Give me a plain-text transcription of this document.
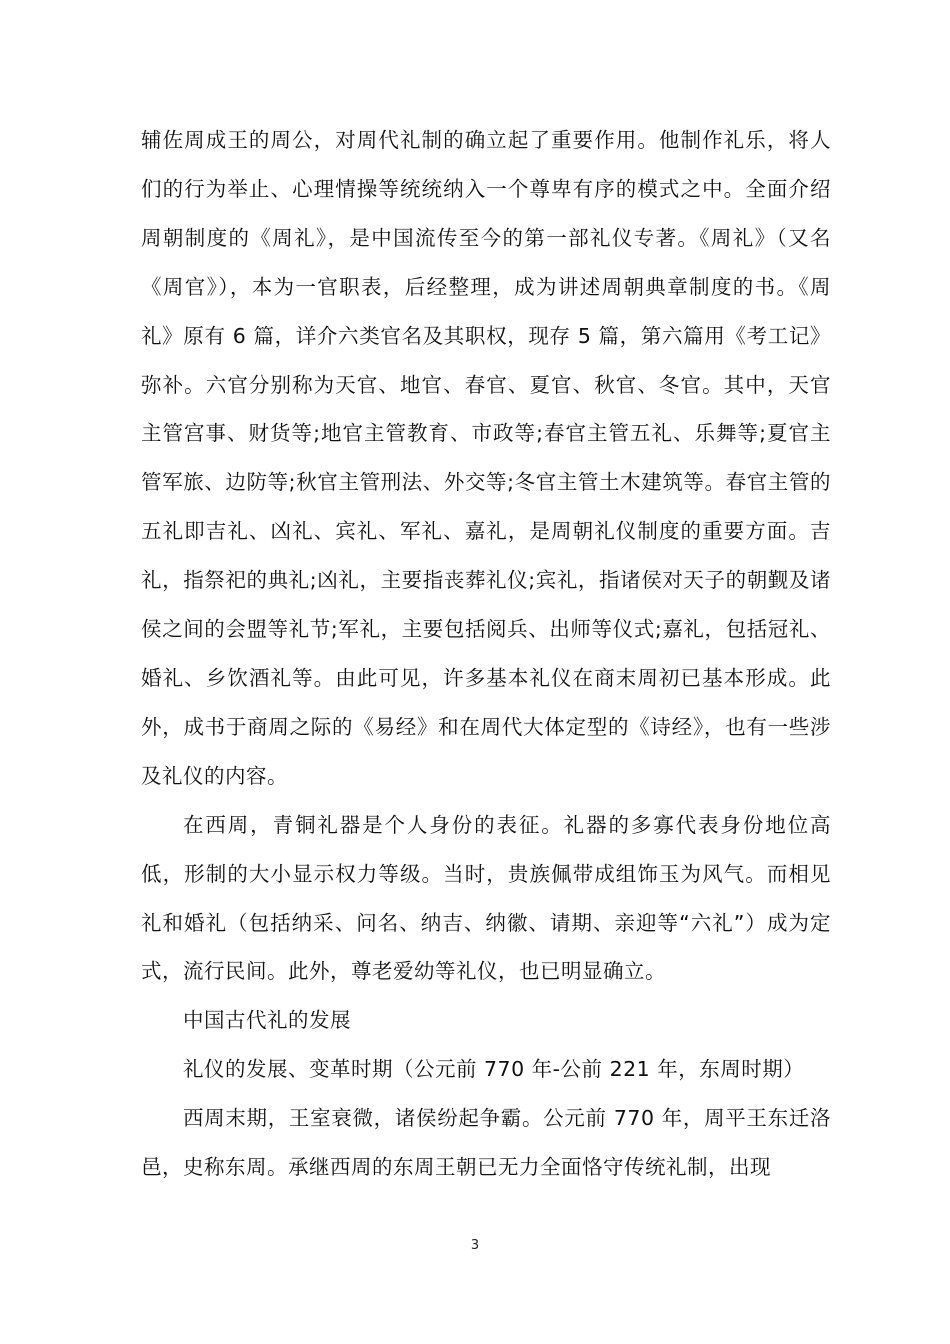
辅佐周成王的周公，对周代礼制的确立起了重要作用。他制作礼乐，将人们的行为举止、心理情操等统统纳入一个尊卑有序的模式之中。全面介绍周朝制度的《周礼》，是中国流传至今的第一部礼仪专著。《周礼》（又名《周官》），本为一官职表，后经整理，成为讲述周朝典章制度的书。《周礼》原有 6 篇，详介六类官名及其职权，现存 5 篇，第六篇用《考工记》弥补。六官分别称为天官、地官、春官、夏官、秋官、冬官。其中，天官主管宫事、财货等;地官主管教育、市政等;春官主管五礼、乐舞等;夏官主管军旅、边防等;秋官主管刑法、外交等;冬官主管土木建筑等。春官主管的五礼即吉礼、凶礼、宾礼、军礼、嘉礼，是周朝礼仪制度的重要方面。吉礼，指祭祀的典礼;凶礼，主要指丧葬礼仪;宾礼，指诸侯对天子的朝觐及诸侯之间的会盟等礼节;军礼，主要包括阅兵、出师等仪式;嘉礼，包括冠礼、婚礼、乡饮酒礼等。由此可见，许多基本礼仪在商末周初已基本形成。此外，成书于商周之际的《易经》和在周代大体定型的《诗经》，也有一些涉及礼仪的内容。

在西周，青铜礼器是个人身份的表征。礼器的多寡代表身份地位高低，形制的大小显示权力等级。当时，贵族佩带成组饰玉为风气。而相见礼和婚礼（包括纳采、问名、纳吉、纳徽、请期、亲迎等“六礼”）成为定式，流行民间。此外，尊老爱幼等礼仪，也已明显确立。

中国古代礼的发展

礼仪的发展、变革时期（公元前 770 年-公前 221 年，东周时期）

西周末期，王室衰微，诸侯纷起争霸。公元前 770 年，周平王东迁洛邑，史称东周。承继西周的东周王朝已无力全面恪守传统礼制，出现

3
